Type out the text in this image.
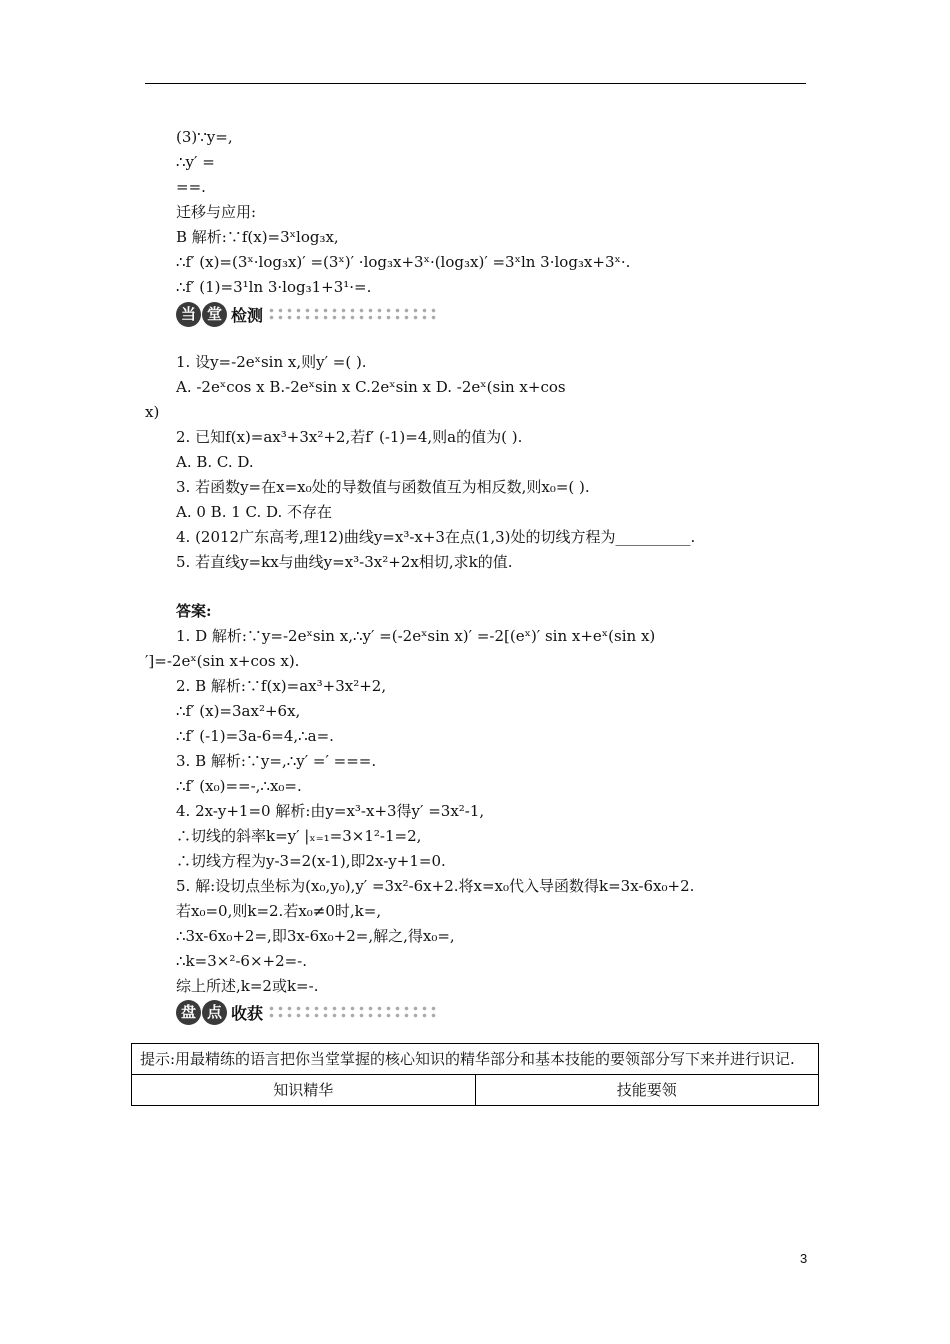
(3)∵y=,
∴y′ =
==.
迁移与应用:
B 解析:∵f(x)=3ˣlog₃x,
∴f′ (x)=(3ˣ·log₃x)′ =(3ˣ)′ ·log₃x+3ˣ·(log₃x)′ =3ˣln 3·log₃x+3ˣ·.
∴f′ (1)=3¹ln 3·log₃1+3¹·=.
当 堂 检测
1. 设y=-2eˣsin x,则y′ =( ).
A. -2eˣcos x B.-2eˣsin x C.2eˣsin x D. -2eˣ(sin x+cos
x)
2. 已知f(x)=ax³+3x²+2,若f′ (-1)=4,则a的值为( ).
A. B. C. D.
3. 若函数y=在x=x₀处的导数值与函数值互为相反数,则x₀=( ).
A. 0 B. 1 C. D. 不存在
4. (2012广东高考,理12)曲线y=x³-x+3在点(1,3)处的切线方程为__________.
5. 若直线y=kx与曲线y=x³-3x²+2x相切,求k的值.
答案:
1. D 解析:∵y=-2eˣsin x,∴y′ =(-2eˣsin x)′ =-2[(eˣ)′ sin x+eˣ(sin x)
′]=-2eˣ(sin x+cos x).
2. B 解析:∵f(x)=ax³+3x²+2,
∴f′ (x)=3ax²+6x,
∴f′ (-1)=3a-6=4,∴a=.
3. B 解析:∵y=,∴y′ =′ ===.
∴f′ (x₀)==-,∴x₀=.
4. 2x-y+1=0 解析:由y=x³-x+3得y′ =3x²-1,
∴切线的斜率k=y′ |ₓ₌₁=3×1²-1=2,
∴切线方程为y-3=2(x-1),即2x-y+1=0.
5. 解:设切点坐标为(x₀,y₀),y′ =3x²-6x+2.将x=x₀代入导函数得k=3x-6x₀+2.
若x₀=0,则k=2.若x₀≠0时,k=,
∴3x-6x₀+2=,即3x-6x₀+2=,解之,得x₀=,
∴k=3×²-6×+2=-.
综上所述,k=2或k=-.
盘 点 收获
提示:用最精练的语言把你当堂掌握的核心知识的精华部分和基本技能的要领部分写下来并进行识记.
知识精华	技能要领
3
